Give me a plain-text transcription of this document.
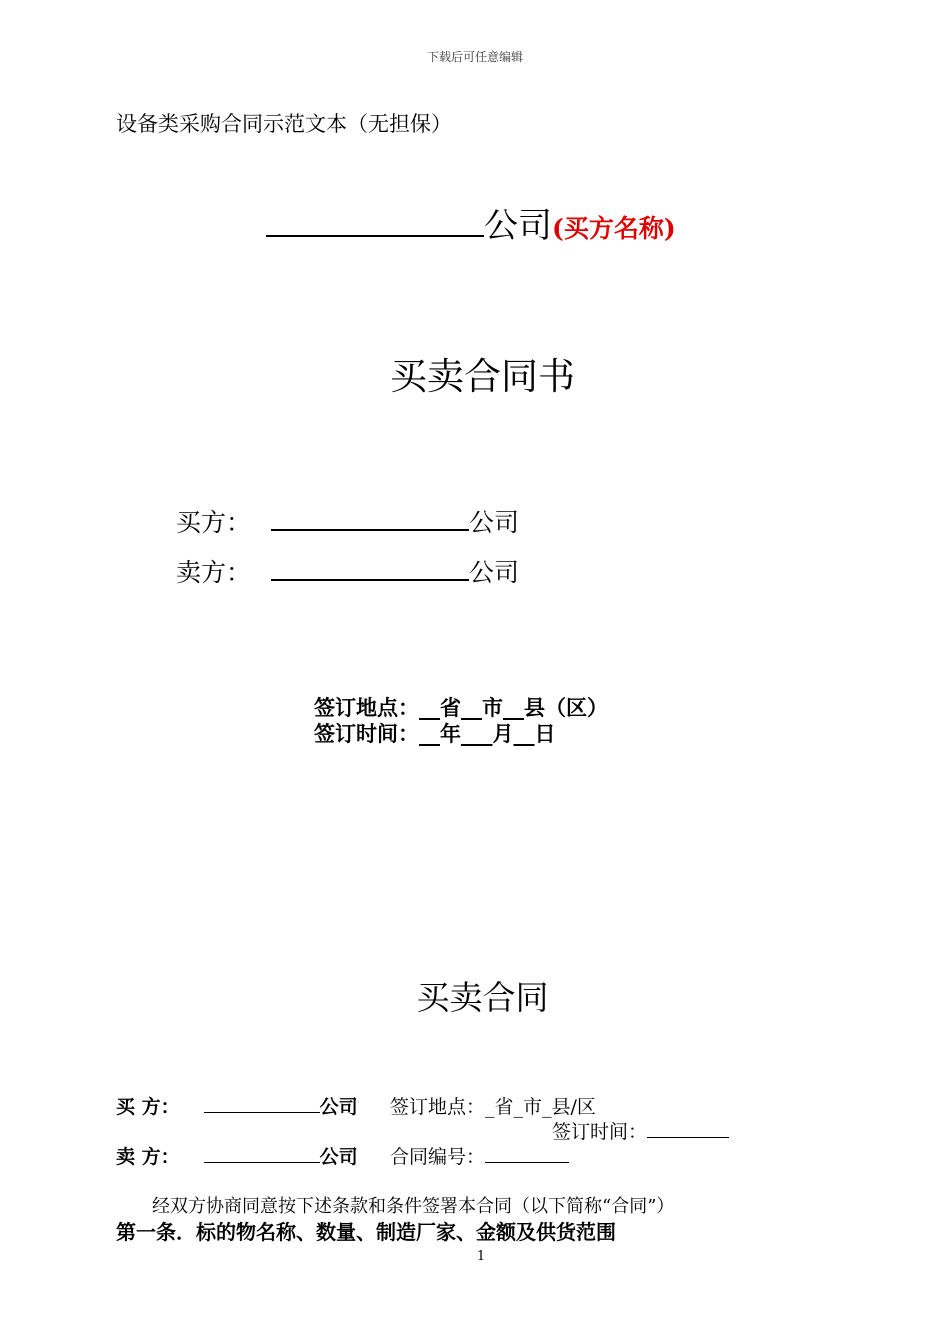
下载后可任意编辑
设备类采购合同示范文本（无担保）
公司(买方名称)
买卖合同书
买方：	公司
卖方：	公司
签订地点：__省__市__县（区）
签订时间：__年___月__日
买卖合同
买 方：	公司 签订地点：_省_市_县/区
签订时间：
卖 方：	公司 合同编号：
经双方协商同意按下述条款和条件签署本合同（以下简称“合同”）
第一条．标的物名称、数量、制造厂家、金额及供货范围
1
